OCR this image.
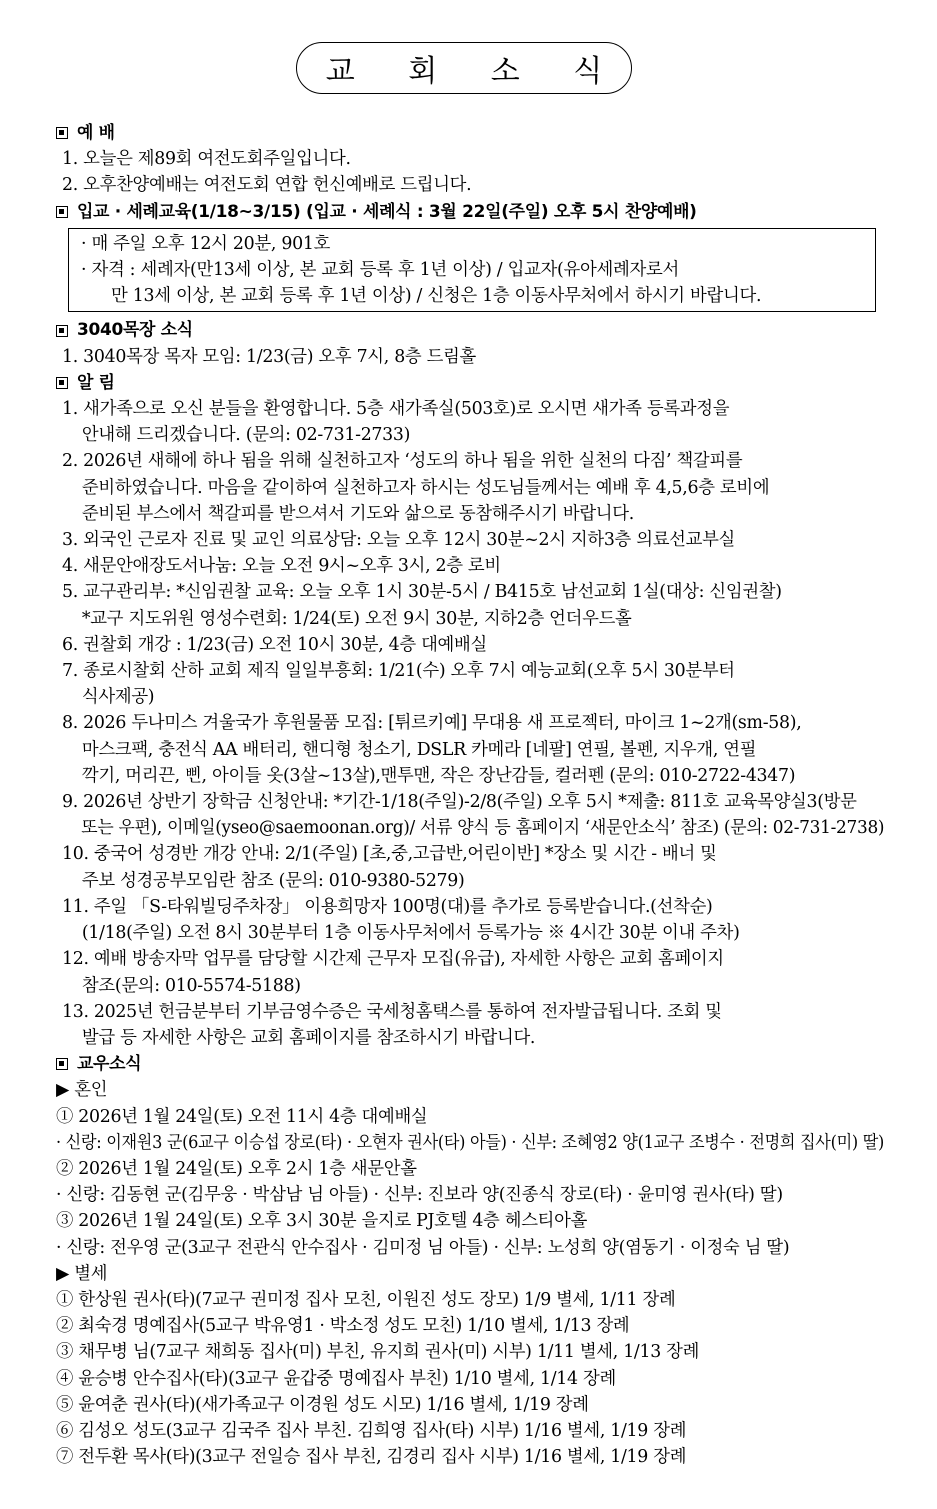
교 회 소 식
예 배
1. 오늘은 제89회 여전도회주일입니다.
2. 오후찬양예배는 여전도회 연합 헌신예배로 드립니다.
입교 · 세례교육(1/18~3/15) (입교 · 세례식 : 3월 22일(주일) 오후 5시 찬양예배)
· 매 주일 오후 12시 20분, 901호
· 자격 : 세례자(만13세 이상, 본 교회 등록 후 1년 이상) / 입교자(유아세례자로서
만 13세 이상, 본 교회 등록 후 1년 이상) / 신청은 1층 이동사무처에서 하시기 바랍니다.
3040목장 소식
1. 3040목장 목자 모임: 1/23(금) 오후 7시, 8층 드림홀
알 림
1. 새가족으로 오신 분들을 환영합니다. 5층 새가족실(503호)로 오시면 새가족 등록과정을
안내해 드리겠습니다. (문의: 02-731-2733)
2. 2026년 새해에 하나 됨을 위해 실천하고자 ‘성도의 하나 됨을 위한 실천의 다짐’ 책갈피를
준비하였습니다. 마음을 같이하여 실천하고자 하시는 성도님들께서는 예배 후 4,5,6층 로비에
준비된 부스에서 책갈피를 받으셔서 기도와 삶으로 동참해주시기 바랍니다.
3. 외국인 근로자 진료 및 교인 의료상담: 오늘 오후 12시 30분~2시 지하3층 의료선교부실
4. 새문안애장도서나눔: 오늘 오전 9시~오후 3시, 2층 로비
5. 교구관리부: *신임권찰 교육: 오늘 오후 1시 30분-5시 / B415호 남선교회 1실(대상: 신임권찰)
*교구 지도위원 영성수련회: 1/24(토) 오전 9시 30분, 지하2층 언더우드홀
6. 권찰회 개강 : 1/23(금) 오전 10시 30분, 4층 대예배실
7. 종로시찰회 산하 교회 제직 일일부흥회: 1/21(수) 오후 7시 예능교회(오후 5시 30분부터
식사제공)
8. 2026 두나미스 겨울국가 후원물품 모집: [튀르키예] 무대용 새 프로젝터, 마이크 1~2개(sm-58),
마스크팩, 충전식 AA 배터리, 핸디형 청소기, DSLR 카메라 [네팔] 연필, 볼펜, 지우개, 연필
깍기, 머리끈, 삔, 아이들 옷(3살~13살),맨투맨, 작은 장난감들, 컬러펜 (문의: 010-2722-4347)
9. 2026년 상반기 장학금 신청안내: *기간-1/18(주일)-2/8(주일) 오후 5시 *제출: 811호 교육목양실3(방문
또는 우편), 이메일(yseo@saemoonan.org)/ 서류 양식 등 홈페이지 ‘새문안소식’ 참조) (문의: 02-731-2738)
10. 중국어 성경반 개강 안내: 2/1(주일) [초,중,고급반,어린이반] *장소 및 시간 - 배너 및
주보 성경공부모임란 참조 (문의: 010-9380-5279)
11. 주일 「S-타워빌딩주차장」 이용희망자 100명(대)를 추가로 등록받습니다.(선착순)
(1/18(주일) 오전 8시 30분부터 1층 이동사무처에서 등록가능 ※ 4시간 30분 이내 주차)
12. 예배 방송자막 업무를 담당할 시간제 근무자 모집(유급), 자세한 사항은 교회 홈페이지
참조(문의: 010-5574-5188)
13. 2025년 헌금분부터 기부금영수증은 국세청홈택스를 통하여 전자발급됩니다. 조회 및
발급 등 자세한 사항은 교회 홈페이지를 참조하시기 바랍니다.
교우소식
▶ 혼인
① 2026년 1월 24일(토) 오전 11시 4층 대예배실
· 신랑: 이재원3 군(6교구 이승섭 장로(타) · 오현자 권사(타) 아들) · 신부: 조혜영2 양(1교구 조병수 · 전명희 집사(미) 딸)
② 2026년 1월 24일(토) 오후 2시 1층 새문안홀
· 신랑: 김동현 군(김무웅 · 박삼남 님 아들) · 신부: 진보라 양(진종식 장로(타) · 윤미영 권사(타) 딸)
③ 2026년 1월 24일(토) 오후 3시 30분 을지로 PJ호텔 4층 헤스티아홀
· 신랑: 전우영 군(3교구 전관식 안수집사 · 김미정 님 아들) · 신부: 노성희 양(염동기 · 이정숙 님 딸)
▶ 별세
① 한상원 권사(타)(7교구 권미정 집사 모친, 이원진 성도 장모) 1/9 별세, 1/11 장례
② 최숙경 명예집사(5교구 박유영1 · 박소정 성도 모친) 1/10 별세, 1/13 장례
③ 채무병 님(7교구 채희동 집사(미) 부친, 유지희 권사(미) 시부) 1/11 별세, 1/13 장례
④ 윤승병 안수집사(타)(3교구 윤갑중 명예집사 부친) 1/10 별세, 1/14 장례
⑤ 윤여춘 권사(타)(새가족교구 이경원 성도 시모) 1/16 별세, 1/19 장례
⑥ 김성오 성도(3교구 김국주 집사 부친. 김희영 집사(타) 시부) 1/16 별세, 1/19 장례
⑦ 전두환 목사(타)(3교구 전일승 집사 부친, 김경리 집사 시부) 1/16 별세, 1/19 장례
